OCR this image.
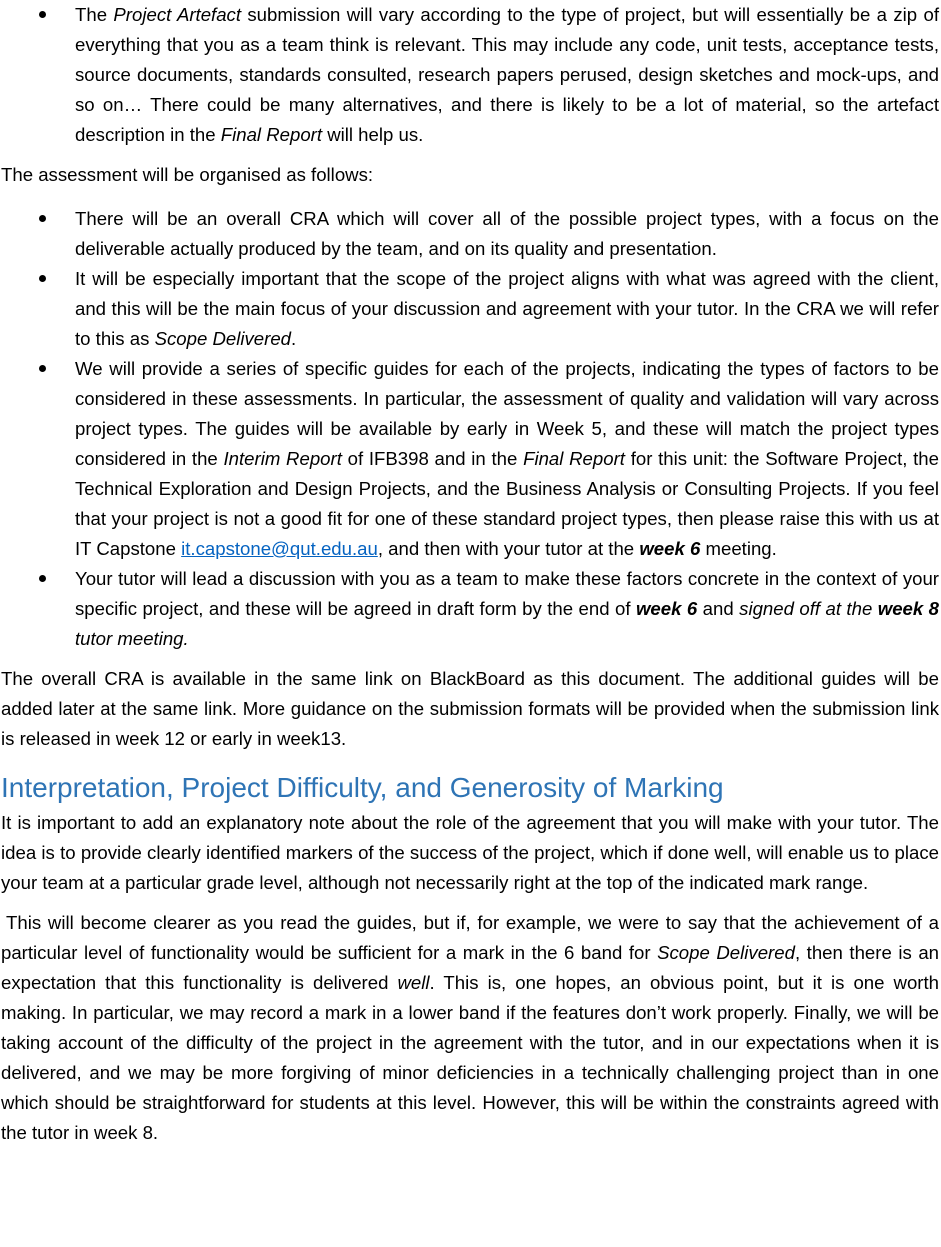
The Project Artefact submission will vary according to the type of project, but will essentially be a zip of everything that you as a team think is relevant. This may include any code, unit tests, acceptance tests, source documents, standards consulted, research papers perused, design sketches and mock-ups, and so on… There could be many alternatives, and there is likely to be a lot of material, so the artefact description in the Final Report will help us.

The assessment will be organised as follows:

There will be an overall CRA which will cover all of the possible project types, with a focus on the deliverable actually produced by the team, and on its quality and presentation.
It will be especially important that the scope of the project aligns with what was agreed with the client, and this will be the main focus of your discussion and agreement with your tutor. In the CRA we will refer to this as Scope Delivered.
We will provide a series of specific guides for each of the projects, indicating the types of factors to be considered in these assessments. In particular, the assessment of quality and validation will vary across project types. The guides will be available by early in Week 5, and these will match the project types considered in the Interim Report of IFB398 and in the Final Report for this unit: the Software Project, the Technical Exploration and Design Projects, and the Business Analysis or Consulting Projects. If you feel that your project is not a good fit for one of these standard project types, then please raise this with us at IT Capstone it.capstone@qut.edu.au, and then with your tutor at the week 6 meeting.
Your tutor will lead a discussion with you as a team to make these factors concrete in the context of your specific project, and these will be agreed in draft form by the end of week 6 and signed off at the week 8 tutor meeting.

The overall CRA is available in the same link on BlackBoard as this document. The additional guides will be added later at the same link. More guidance on the submission formats will be provided when the submission link is released in week 12 or early in week13.

Interpretation, Project Difficulty, and Generosity of Marking

It is important to add an explanatory note about the role of the agreement that you will make with your tutor. The idea is to provide clearly identified markers of the success of the project, which if done well, will enable us to place your team at a particular grade level, although not necessarily right at the top of the indicated mark range.

This will become clearer as you read the guides, but if, for example, we were to say that the achievement of a particular level of functionality would be sufficient for a mark in the 6 band for Scope Delivered, then there is an expectation that this functionality is delivered well. This is, one hopes, an obvious point, but it is one worth making. In particular, we may record a mark in a lower band if the features don’t work properly. Finally, we will be taking account of the difficulty of the project in the agreement with the tutor, and in our expectations when it is delivered, and we may be more forgiving of minor deficiencies in a technically challenging project than in one which should be straightforward for students at this level. However, this will be within the constraints agreed with the tutor in week 8.
